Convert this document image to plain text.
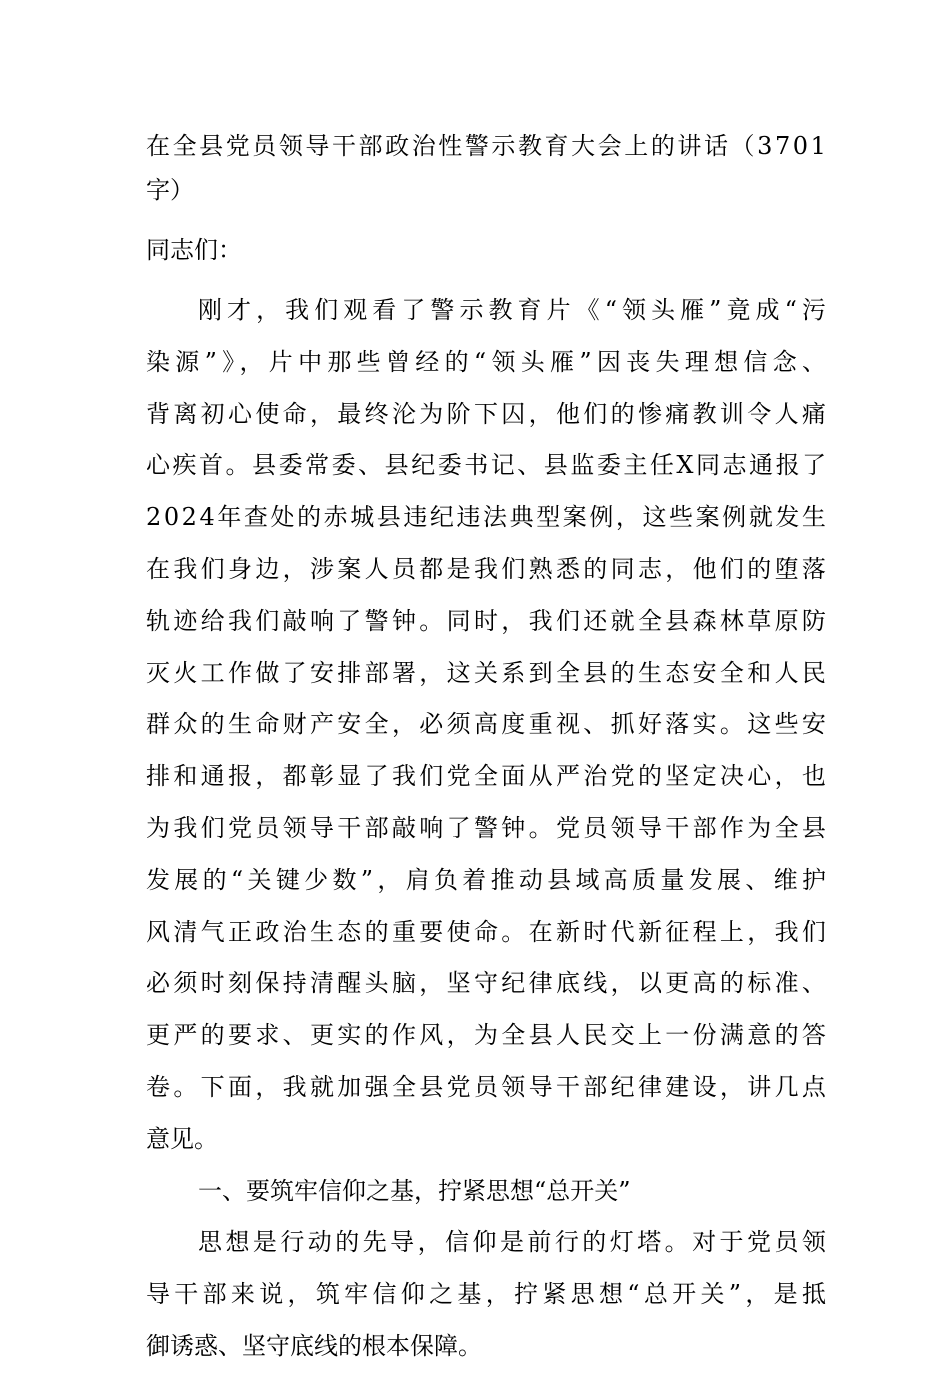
在全县党员领导干部政治性警示教育大会上的讲话（3701
字）
同志们：
刚才，我们观看了警示教育片《“领头雁”竟成“污
染源”》，片中那些曾经的“领头雁”因丧失理想信念、
背离初心使命，最终沦为阶下囚，他们的惨痛教训令人痛
心疾首。县委常委、县纪委书记、县监委主任X同志通报了
2024年查处的赤城县违纪违法典型案例，这些案例就发生
在我们身边，涉案人员都是我们熟悉的同志，他们的堕落
轨迹给我们敲响了警钟。同时，我们还就全县森林草原防
灭火工作做了安排部署，这关系到全县的生态安全和人民
群众的生命财产安全，必须高度重视、抓好落实。这些安
排和通报，都彰显了我们党全面从严治党的坚定决心，也
为我们党员领导干部敲响了警钟。党员领导干部作为全县
发展的“关键少数”，肩负着推动县域高质量发展、维护
风清气正政治生态的重要使命。在新时代新征程上，我们
必须时刻保持清醒头脑，坚守纪律底线，以更高的标准、
更严的要求、更实的作风，为全县人民交上一份满意的答
卷。下面，我就加强全县党员领导干部纪律建设，讲几点
意见。
一、要筑牢信仰之基，拧紧思想“总开关”
思想是行动的先导，信仰是前行的灯塔。对于党员领
导干部来说，筑牢信仰之基，拧紧思想“总开关”，是抵
御诱惑、坚守底线的根本保障。
